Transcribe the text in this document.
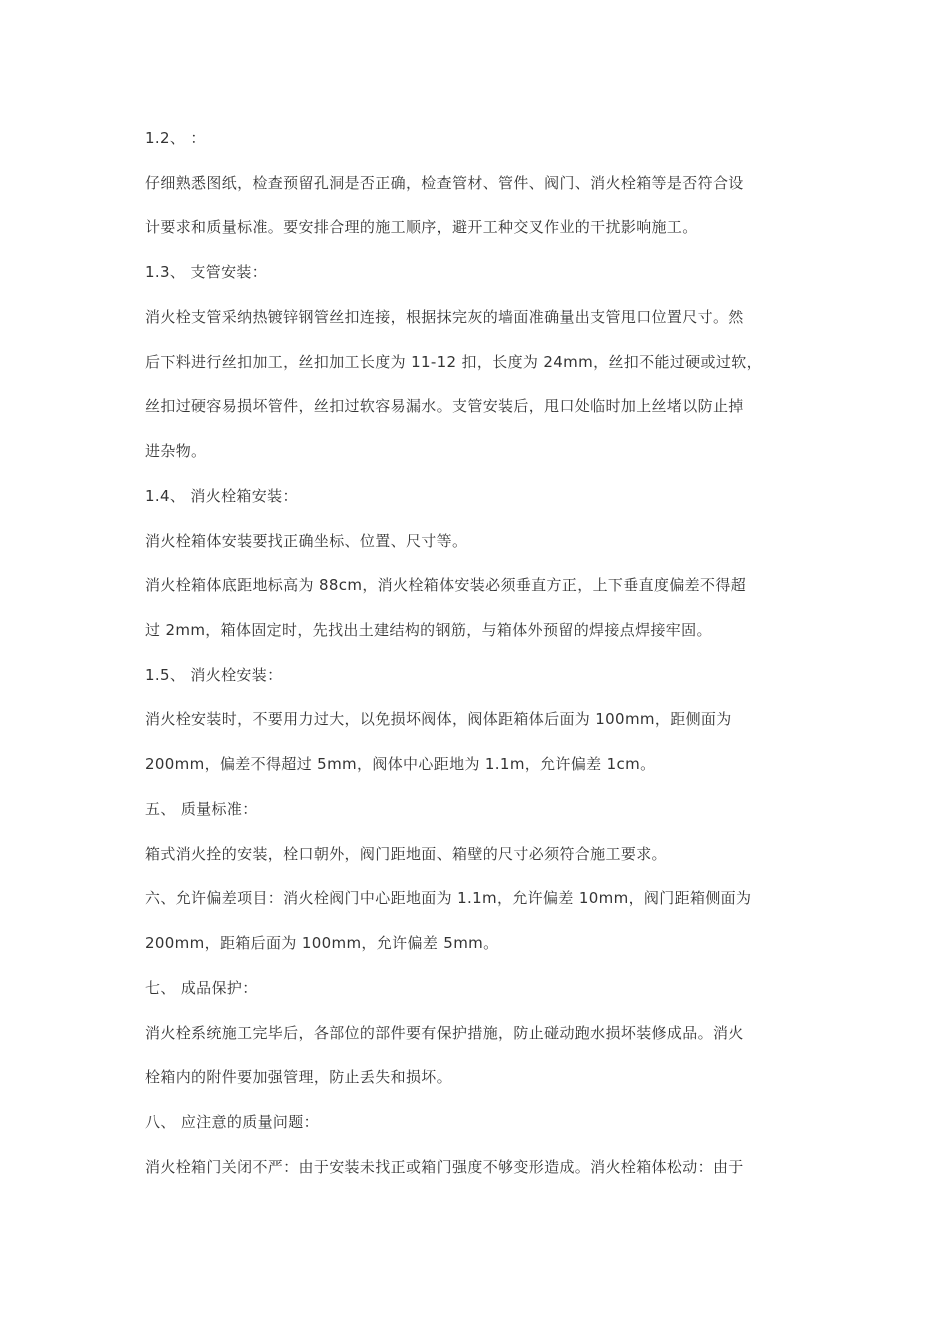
1.2、 ：
仔细熟悉图纸，检查预留孔洞是否正确，检查管材、管件、阀门、消火栓箱等是否符合设
计要求和质量标准。要安排合理的施工顺序，避开工种交叉作业的干扰影响施工。
1.3、 支管安装：
消火栓支管采纳热镀锌钢管丝扣连接，根据抹完灰的墙面准确量出支管甩口位置尺寸。然
后下料进行丝扣加工，丝扣加工长度为 11-12 扣，长度为 24mm，丝扣不能过硬或过软，
丝扣过硬容易损坏管件，丝扣过软容易漏水。支管安装后，甩口处临时加上丝堵以防止掉
进杂物。
1.4、 消火栓箱安装：
消火栓箱体安装要找正确坐标、位置、尺寸等。
消火栓箱体底距地标高为 88cm，消火栓箱体安装必须垂直方正，上下垂直度偏差不得超
过 2mm，箱体固定时，先找出土建结构的钢筋，与箱体外预留的焊接点焊接牢固。
1.5、 消火栓安装：
消火栓安装时，不要用力过大，以免损坏阀体，阀体距箱体后面为 100mm，距侧面为
200mm，偏差不得超过 5mm，阀体中心距地为 1.1m，允许偏差 1cm。
五、 质量标准：
箱式消火拴的安装，栓口朝外，阀门距地面、箱壁的尺寸必须符合施工要求。
六、允许偏差项目：消火栓阀门中心距地面为 1.1m，允许偏差 10mm，阀门距箱侧面为
200mm，距箱后面为 100mm，允许偏差 5mm。
七、 成品保护：
消火栓系统施工完毕后，各部位的部件要有保护措施，防止碰动跑水损坏装修成品。消火
栓箱内的附件要加强管理，防止丢失和损坏。
八、 应注意的质量问题：
消火栓箱门关闭不严：由于安装未找正或箱门强度不够变形造成。消火栓箱体松动：由于
